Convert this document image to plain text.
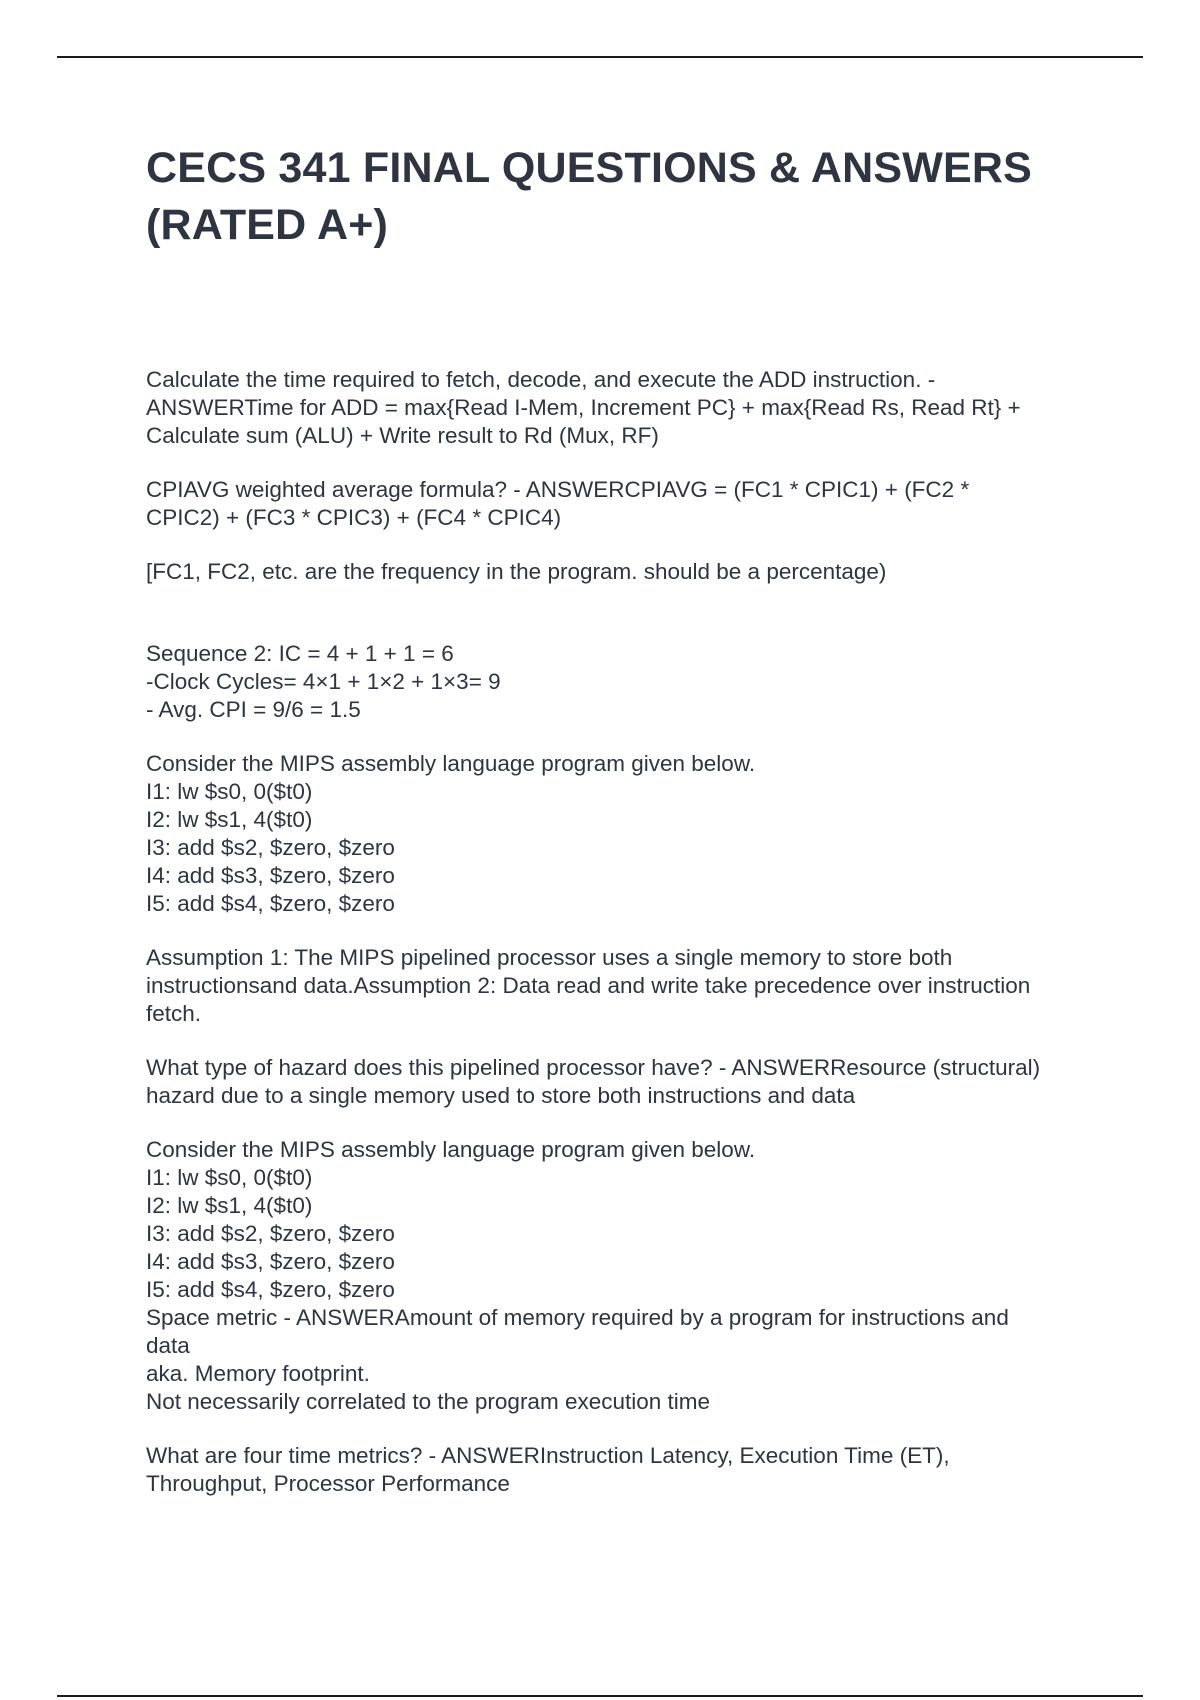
CECS 341 FINAL QUESTIONS & ANSWERS (RATED A+)

Calculate the time required to fetch, decode, and execute the ADD instruction. - ANSWERTime for ADD = max{Read I-Mem, Increment PC} + max{Read Rs, Read Rt} + Calculate sum (ALU) + Write result to Rd (Mux, RF)

CPIAVG weighted average formula? - ANSWERCPIAVG = (FC1 * CPIC1) + (FC2 * CPIC2) + (FC3 * CPIC3) + (FC4 * CPIC4)

[FC1, FC2, etc. are the frequency in the program. should be a percentage)

Sequence 2: IC = 4 + 1 + 1 = 6
-Clock Cycles= 4×1 + 1×2 + 1×3= 9
- Avg. CPI = 9/6 = 1.5

Consider the MIPS assembly language program given below.
I1: lw $s0, 0($t0)
I2: lw $s1, 4($t0)
I3: add $s2, $zero, $zero
I4: add $s3, $zero, $zero
I5: add $s4, $zero, $zero

Assumption 1: The MIPS pipelined processor uses a single memory to store both instructionsand data.Assumption 2: Data read and write take precedence over instruction fetch.

What type of hazard does this pipelined processor have? - ANSWERResource (structural) hazard due to a single memory used to store both instructions and data

Consider the MIPS assembly language program given below.
I1: lw $s0, 0($t0)
I2: lw $s1, 4($t0)
I3: add $s2, $zero, $zero
I4: add $s3, $zero, $zero
I5: add $s4, $zero, $zero

Space metric - ANSWERAmount of memory required by a program for instructions and data
aka. Memory footprint.
Not necessarily correlated to the program execution time

What are four time metrics? - ANSWERInstruction Latency, Execution Time (ET), Throughput, Processor Performance
